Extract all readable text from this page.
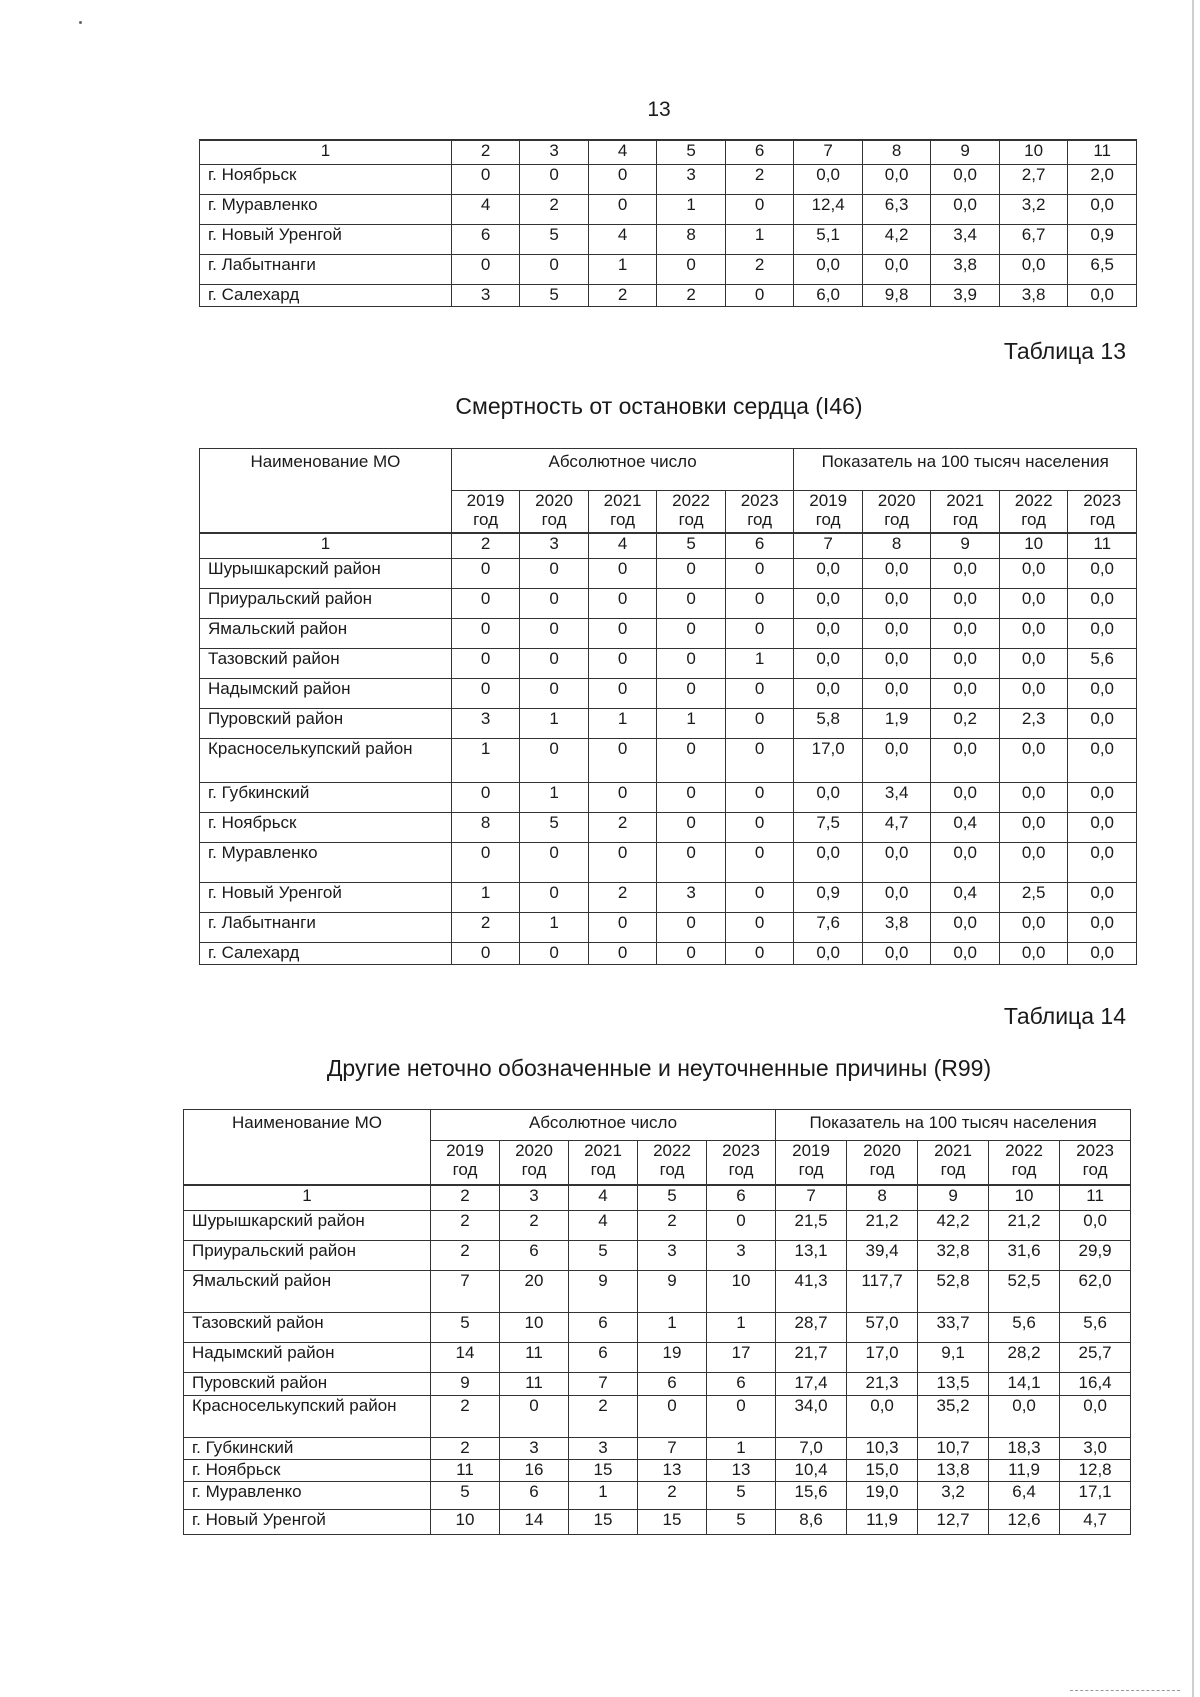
13
1	2	3	4	5	6	7	8	9	10	11
г. Ноябрьск	0	0	0	3	2	0,0	0,0	0,0	2,7	2,0
г. Муравленко	4	2	0	1	0	12,4	6,3	0,0	3,2	0,0
г. Новый Уренгой	6	5	4	8	1	5,1	4,2	3,4	6,7	0,9
г. Лабытнанги	0	0	1	0	2	0,0	0,0	3,8	0,0	6,5
г. Салехард	3	5	2	2	0	6,0	9,8	3,9	3,8	0,0
Таблица 13
Смертность от остановки сердца (I46)
Наименование МО	Абсолютное число					Показатель на 100 тысяч населения				
	2019 год	2020 год	2021 год	2022 год	2023 год	2019 год	2020 год	2021 год	2022 год	2023 год
1	2	3	4	5	6	7	8	9	10	11
Шурышкарский район	0	0	0	0	0	0,0	0,0	0,0	0,0	0,0
Приуральский район	0	0	0	0	0	0,0	0,0	0,0	0,0	0,0
Ямальский район	0	0	0	0	0	0,0	0,0	0,0	0,0	0,0
Тазовский район	0	0	0	0	1	0,0	0,0	0,0	0,0	5,6
Надымский район	0	0	0	0	0	0,0	0,0	0,0	0,0	0,0
Пуровский район	3	1	1	1	0	5,8	1,9	0,2	2,3	0,0
Красноселькупский район	1	0	0	0	0	17,0	0,0	0,0	0,0	0,0
г. Губкинский	0	1	0	0	0	0,0	3,4	0,0	0,0	0,0
г. Ноябрьск	8	5	2	0	0	7,5	4,7	0,4	0,0	0,0
г. Муравленко	0	0	0	0	0	0,0	0,0	0,0	0,0	0,0
г. Новый Уренгой	1	0	2	3	0	0,9	0,0	0,4	2,5	0,0
г. Лабытнанги	2	1	0	0	0	7,6	3,8	0,0	0,0	0,0
г. Салехард	0	0	0	0	0	0,0	0,0	0,0	0,0	0,0
Таблица 14
Другие неточно обозначенные и неуточненные причины (R99)
Наименование МО	Абсолютное число					Показатель на 100 тысяч населения				
	2019 год	2020 год	2021 год	2022 год	2023 год	2019 год	2020 год	2021 год	2022 год	2023 год
1	2	3	4	5	6	7	8	9	10	11
Шурышкарский район	2	2	4	2	0	21,5	21,2	42,2	21,2	0,0
Приуральский район	2	6	5	3	3	13,1	39,4	32,8	31,6	29,9
Ямальский район	7	20	9	9	10	41,3	117,7	52,8	52,5	62,0
Тазовский район	5	10	6	1	1	28,7	57,0	33,7	5,6	5,6
Надымский район	14	11	6	19	17	21,7	17,0	9,1	28,2	25,7
Пуровский район	9	11	7	6	6	17,4	21,3	13,5	14,1	16,4
Красноселькупский район	2	0	2	0	0	34,0	0,0	35,2	0,0	0,0
г. Губкинский	2	3	3	7	1	7,0	10,3	10,7	18,3	3,0
г. Ноябрьск	11	16	15	13	13	10,4	15,0	13,8	11,9	12,8
г. Муравленко	5	6	1	2	5	15,6	19,0	3,2	6,4	17,1
г. Новый Уренгой	10	14	15	15	5	8,6	11,9	12,7	12,6	4,7
